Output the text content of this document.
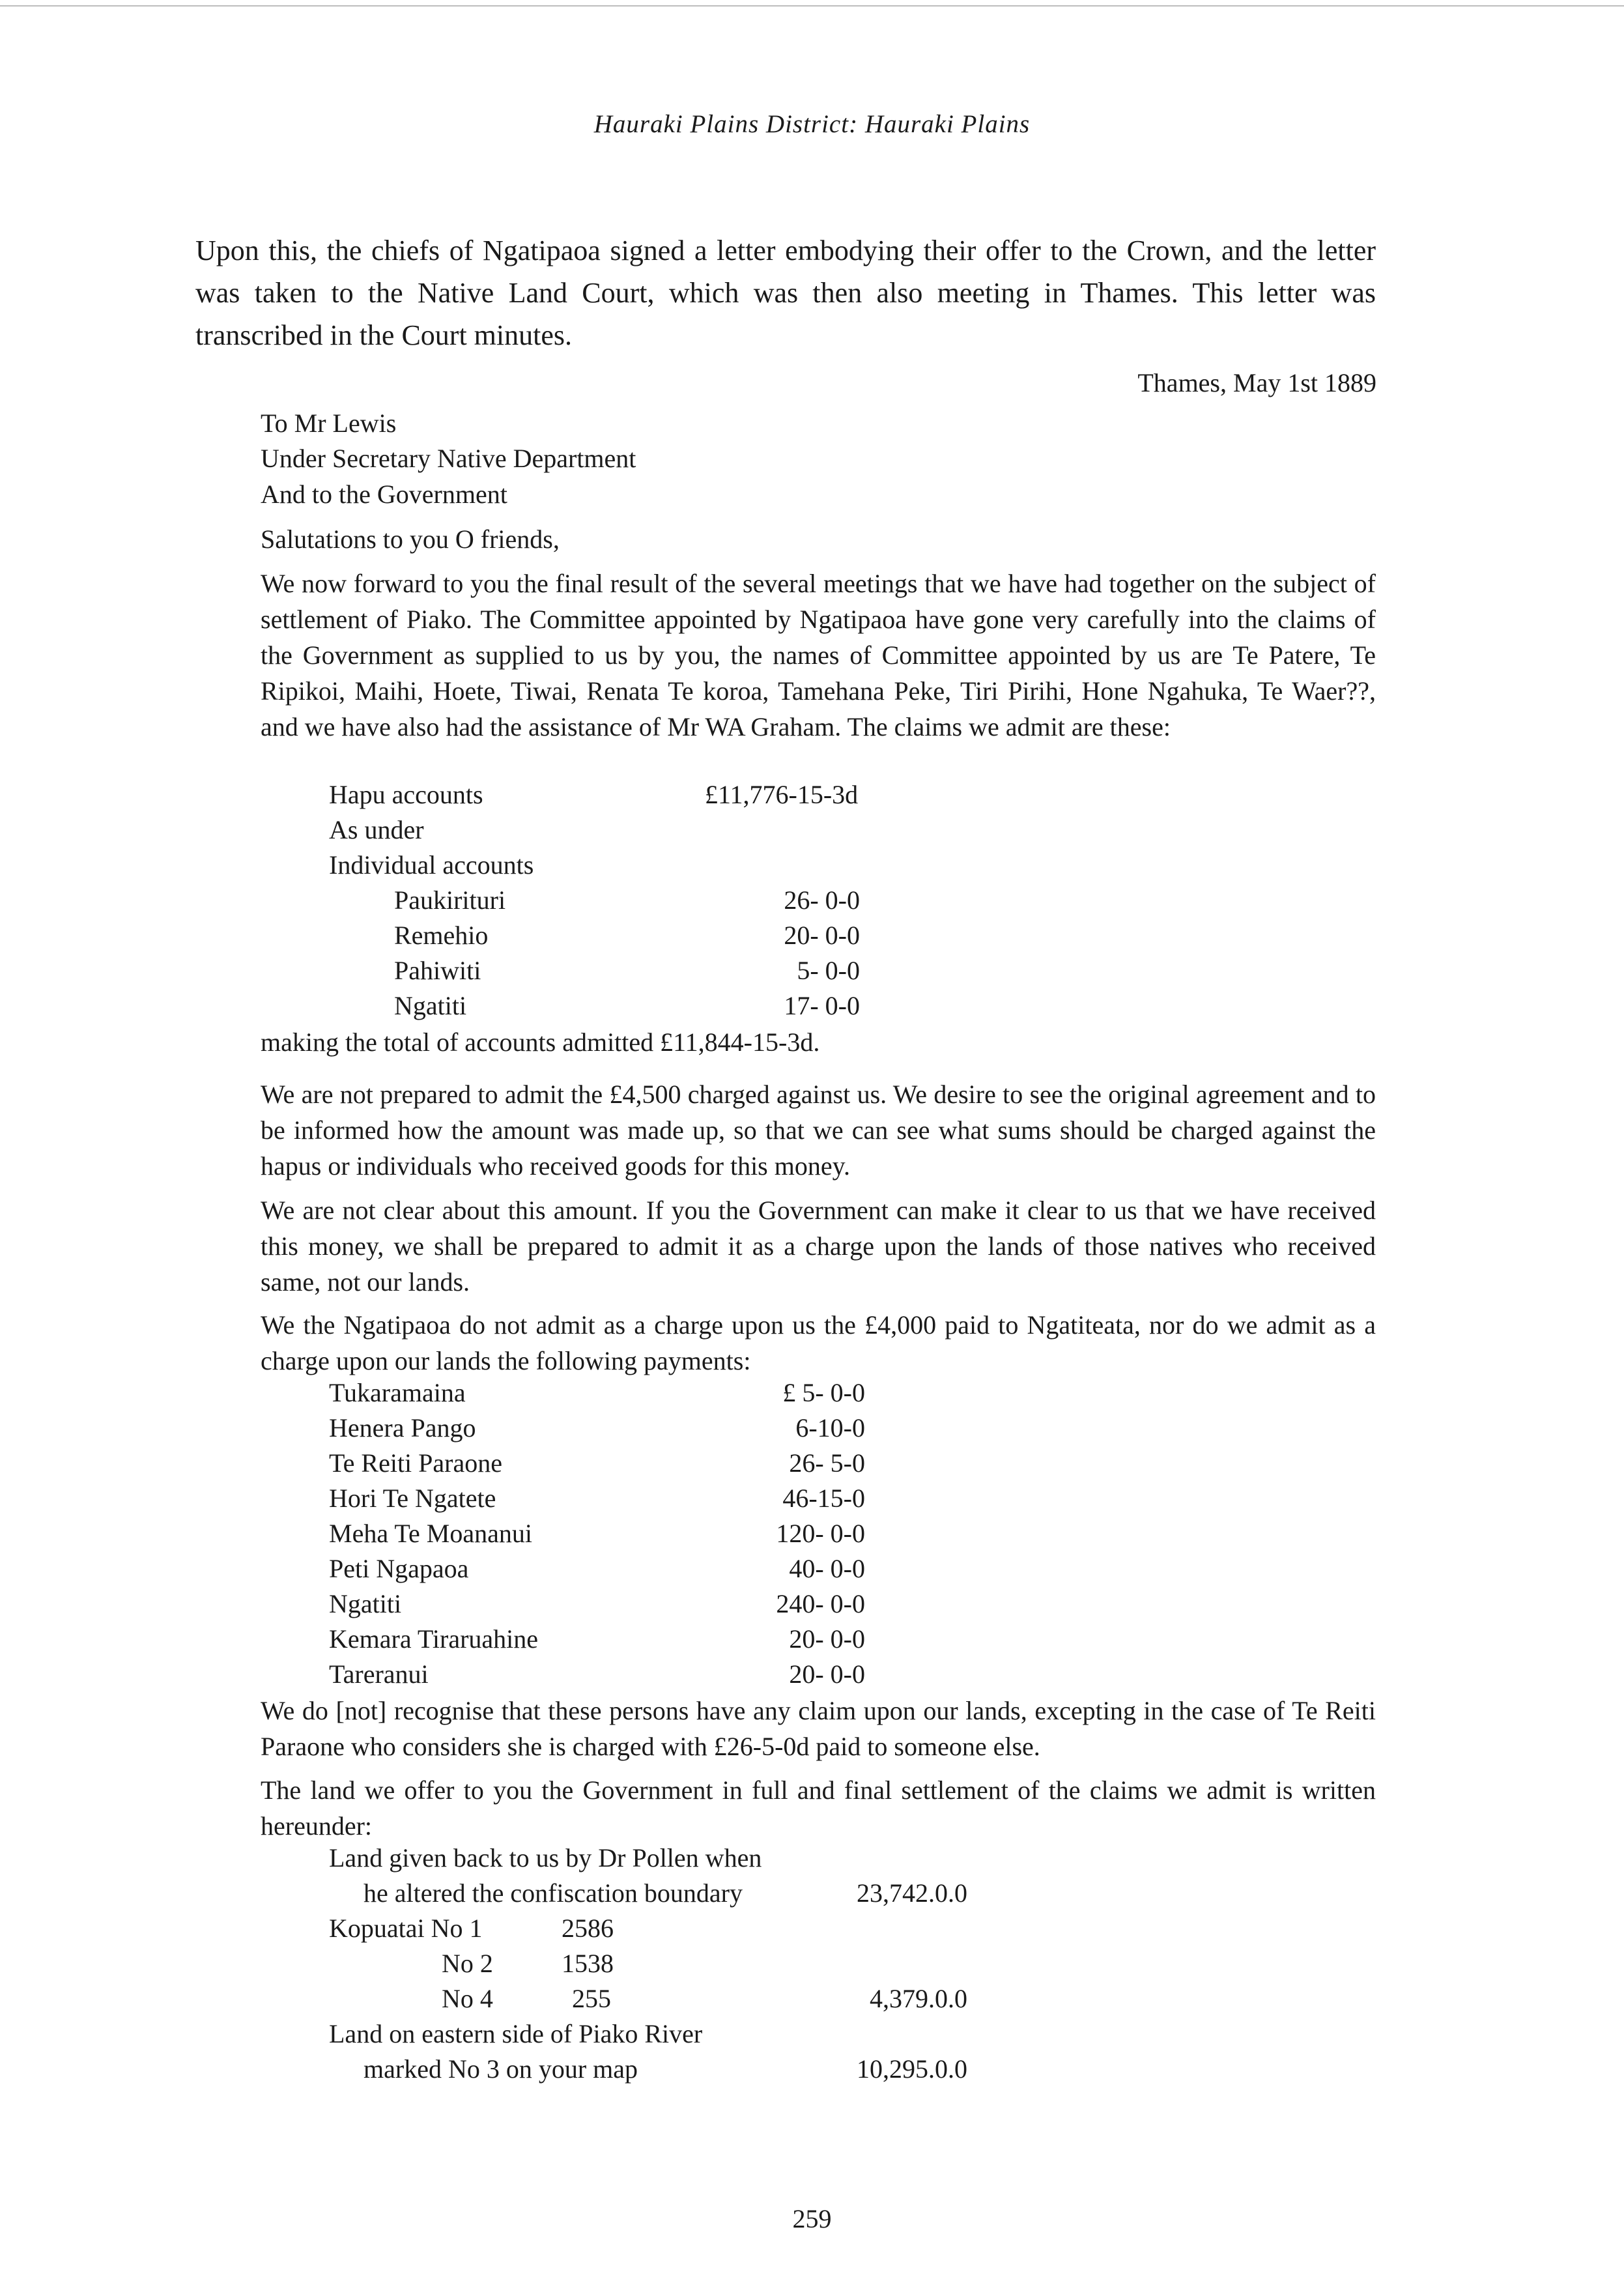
Hauraki Plains District: Hauraki Plains
Upon this, the chiefs of Ngatipaoa signed a letter embodying their offer to the Crown, and the letter was taken to the Native Land Court, which was then also meeting in Thames. This letter was transcribed in the Court minutes.
Thames, May 1st 1889
To Mr Lewis
Under Secretary Native Department
And to the Government
Salutations to you O friends,
We now forward to you the final result of the several meetings that we have had together on the subject of settlement of Piako. The Committee appointed by Ngatipaoa have gone very carefully into the claims of the Government as supplied to us by you, the names of Committee appointed by us are Te Patere, Te Ripikoi, Maihi, Hoete, Tiwai, Renata Te koroa, Tamehana Peke, Tiri Pirihi, Hone Ngahuka, Te Waer??, and we have also had the assistance of Mr WA Graham. The claims we admit are these:
Hapu accounts	£11,776-15-3d
As under
Individual accounts
Paukirituri	26- 0-0
Remehio	20- 0-0
Pahiwiti	5- 0-0
Ngatiti	17- 0-0
making the total of accounts admitted £11,844-15-3d.
We are not prepared to admit the £4,500 charged against us. We desire to see the original agreement and to be informed how the amount was made up, so that we can see what sums should be charged against the hapus or individuals who received goods for this money.
We are not clear about this amount. If you the Government can make it clear to us that we have received this money, we shall be prepared to admit it as a charge upon the lands of those natives who received same, not our lands.
We the Ngatipaoa do not admit as a charge upon us the £4,000 paid to Ngatiteata, nor do we admit as a charge upon our lands the following payments:
Tukaramaina	£ 5- 0-0
Henera Pango	6-10-0
Te Reiti Paraone	26- 5-0
Hori Te Ngatete	46-15-0
Meha Te Moananui	120- 0-0
Peti Ngapaoa	40- 0-0
Ngatiti	240- 0-0
Kemara Tiraruahine	20- 0-0
Tareranui	20- 0-0
We do [not] recognise that these persons have any claim upon our lands, excepting in the case of Te Reiti Paraone who considers she is charged with £26-5-0d paid to someone else.
The land we offer to you the Government in full and final settlement of the claims we admit is written hereunder:
Land given back to us by Dr Pollen when
he altered the confiscation boundary	23,742.0.0
Kopuatai No 1	2586
No 2	1538
No 4	255	4,379.0.0
Land on eastern side of Piako River
marked No 3 on your map	10,295.0.0
259
